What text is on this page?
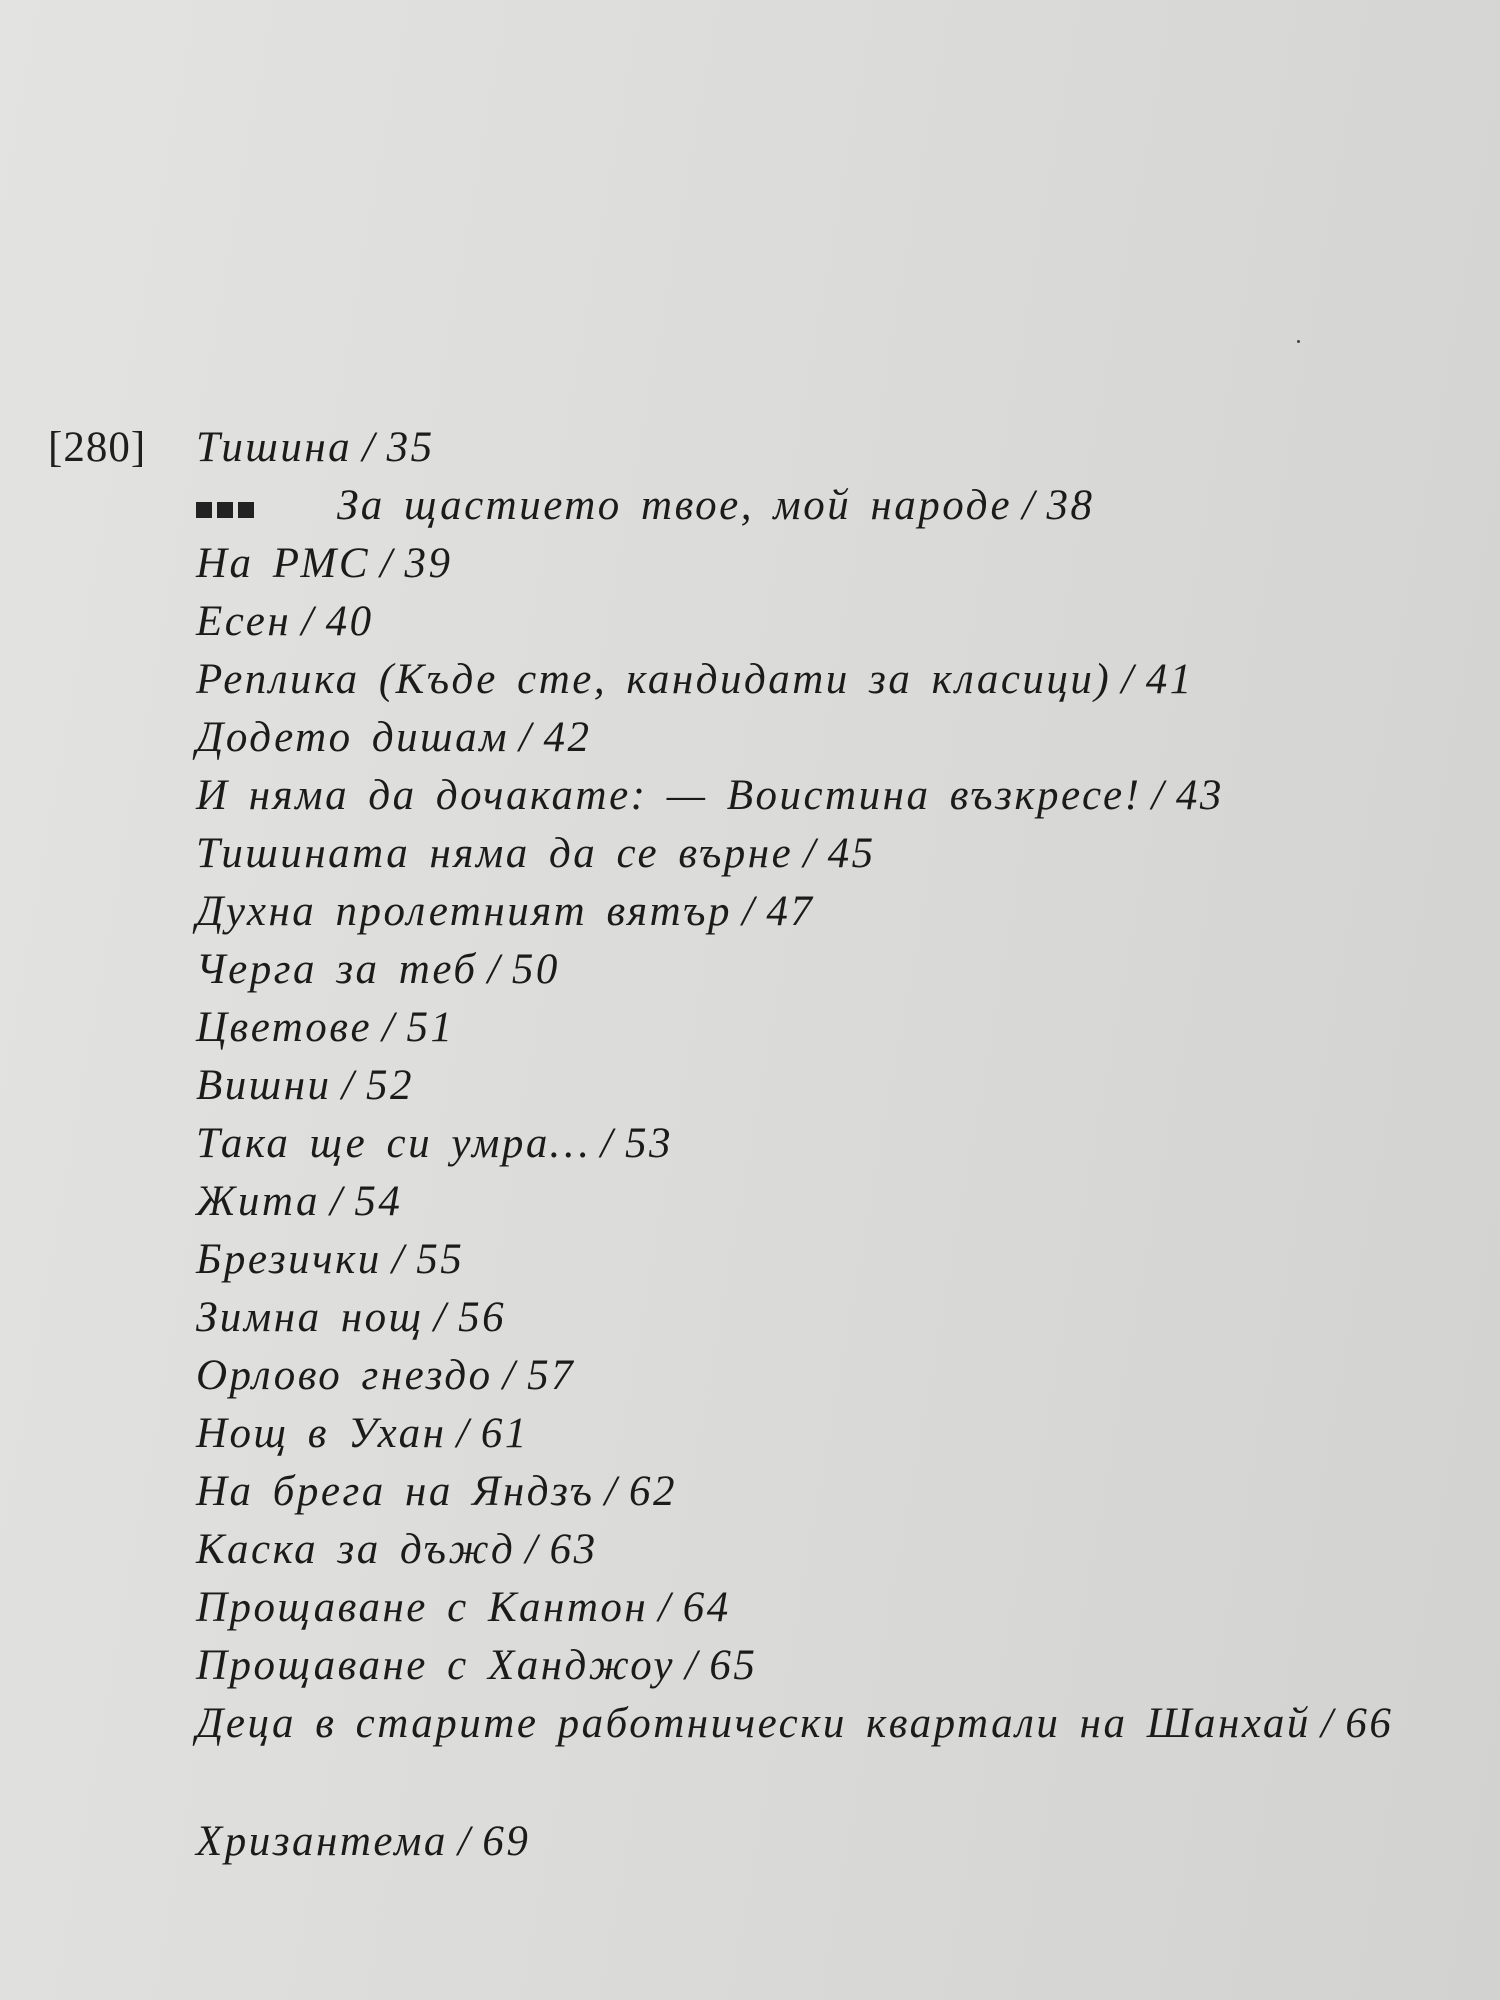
[280] Тишина / 35
За щастието твое, мой народе / 38
На РМС / 39
Есен / 40
Реплика (Къде сте, кандидати за класици) / 41
Додето дишам / 42
И няма да дочакате: — Воистина възкресе! / 43
Тишината няма да се върне / 45
Духна пролетният вятър / 47
Черга за теб / 50
Цветове / 51
Вишни / 52
Така ще си умра… / 53
Жита / 54
Брезички / 55
Зимна нощ / 56
Орлово гнездо / 57
Нощ в Ухан / 61
На брега на Яндзъ / 62
Каска за дъжд / 63
Прощаване с Кантон / 64
Прощаване с Ханджоу / 65
Деца в старите работнически квартали на Шанхай / 66
Хризантема / 69
